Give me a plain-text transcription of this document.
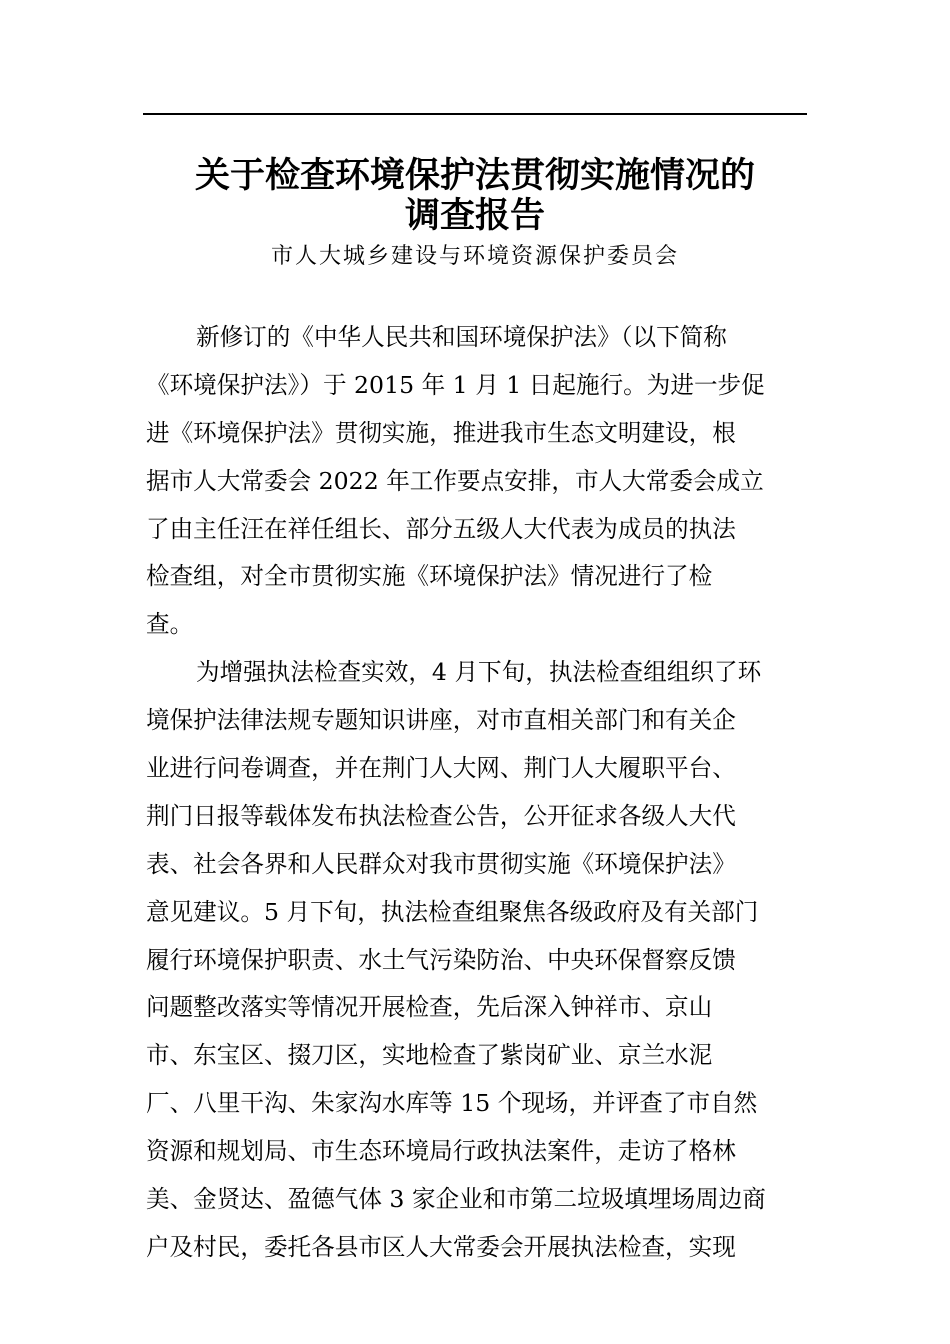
关于检查环境保护法贯彻实施情况的
调查报告
市人大城乡建设与环境资源保护委员会
新修订的《中华人民共和国环境保护法》（以下简称
《环境保护法》）于 2015 年 1 月 1 日起施行。为进一步促
进《环境保护法》贯彻实施，推进我市生态文明建设，根
据市人大常委会 2022 年工作要点安排，市人大常委会成立
了由主任汪在祥任组长、部分五级人大代表为成员的执法
检查组，对全市贯彻实施《环境保护法》情况进行了检
查。
为增强执法检查实效，4 月下旬，执法检查组组织了环
境保护法律法规专题知识讲座，对市直相关部门和有关企
业进行问卷调查，并在荆门人大网、荆门人大履职平台、
荆门日报等载体发布执法检查公告，公开征求各级人大代
表、社会各界和人民群众对我市贯彻实施《环境保护法》
意见建议。5 月下旬，执法检查组聚焦各级政府及有关部门
履行环境保护职责、水土气污染防治、中央环保督察反馈
问题整改落实等情况开展检查，先后深入钟祥市、京山
市、东宝区、掇刀区，实地检查了紫岗矿业、京兰水泥
厂、八里干沟、朱家沟水库等 15 个现场，并评查了市自然
资源和规划局、市生态环境局行政执法案件，走访了格林
美、金贤达、盈德气体 3 家企业和市第二垃圾填埋场周边商
户及村民，委托各县市区人大常委会开展执法检查，实现
